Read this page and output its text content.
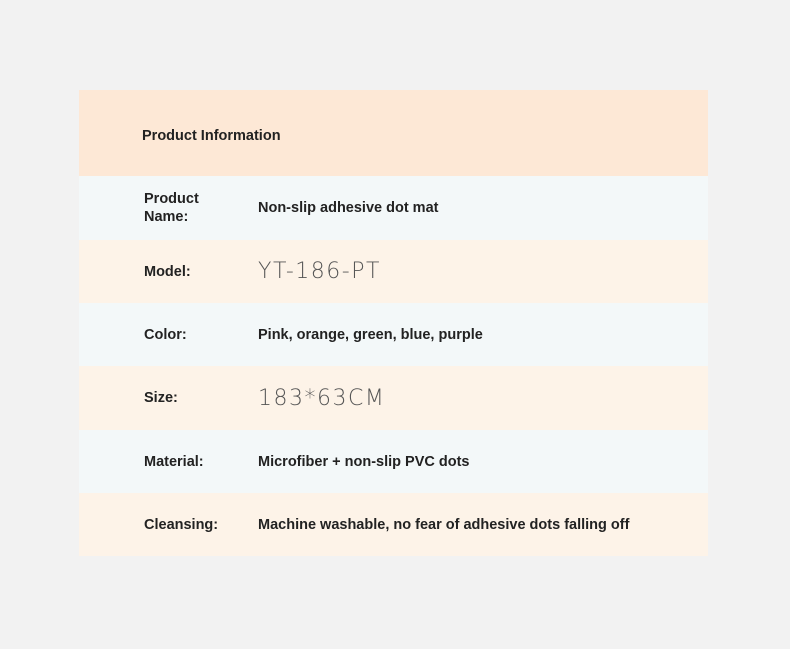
Product Information
Product Name:
Non-slip adhesive dot mat
Model:	YT-186-PT
Color:	Pink, orange, green, blue, purple
Size:	183*63CM
Material:	Microfiber + non-slip PVC dots
Cleansing:	Machine washable, no fear of adhesive dots falling off
